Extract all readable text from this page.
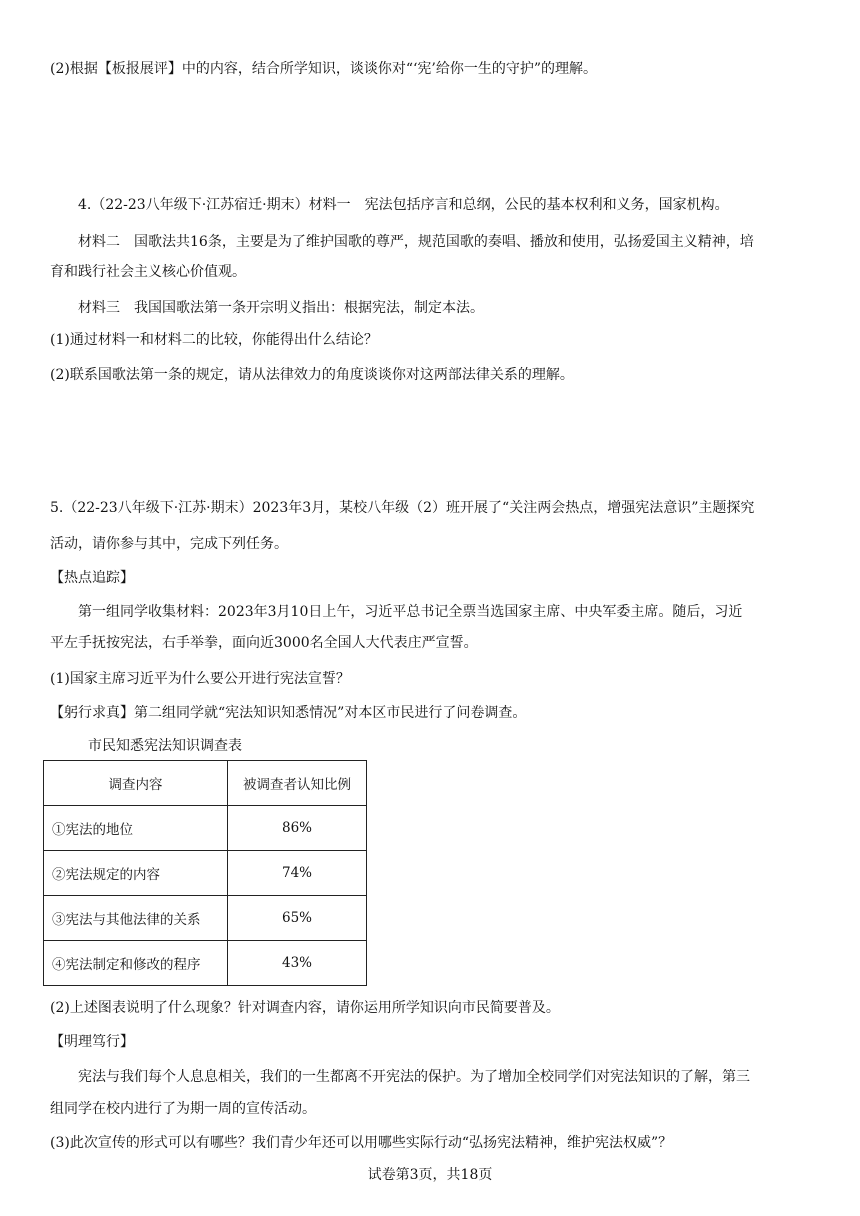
(2)根据【板报展评】中的内容，结合所学知识，谈谈你对“‘宪’给你一生的守护”的理解。
4.（22-23八年级下·江苏宿迁·期末）材料一　宪法包括序言和总纲，公民的基本权利和义务，国家机构。
材料二　国歌法共16条，主要是为了维护国歌的尊严，规范国歌的奏唱、播放和使用，弘扬爱国主义精神，培
育和践行社会主义核心价值观。
材料三　我国国歌法第一条开宗明义指出：根据宪法，制定本法。
(1)通过材料一和材料二的比较，你能得出什么结论？
(2)联系国歌法第一条的规定，请从法律效力的角度谈谈你对这两部法律关系的理解。
5.（22-23八年级下·江苏·期末）2023年3月，某校八年级（2）班开展了“关注两会热点，增强宪法意识”主题探究
活动，请你参与其中，完成下列任务。
【热点追踪】
第一组同学收集材料：2023年3月10日上午，习近平总书记全票当选国家主席、中央军委主席。随后，习近
平左手抚按宪法，右手举拳，面向近3000名全国人大代表庄严宣誓。
(1)国家主席习近平为什么要公开进行宪法宣誓？
【躬行求真】第二组同学就“宪法知识知悉情况”对本区市民进行了问卷调查。
市民知悉宪法知识调查表
调查内容	被调查者认知比例
①宪法的地位	86%
②宪法规定的内容	74%
③宪法与其他法律的关系	65%
④宪法制定和修改的程序	43%
(2)上述图表说明了什么现象？针对调查内容，请你运用所学知识向市民简要普及。
【明理笃行】
宪法与我们每个人息息相关，我们的一生都离不开宪法的保护。为了增加全校同学们对宪法知识的了解，第三
组同学在校内进行了为期一周的宣传活动。
(3)此次宣传的形式可以有哪些？我们青少年还可以用哪些实际行动“弘扬宪法精神，维护宪法权威”？
试卷第3页，共18页
